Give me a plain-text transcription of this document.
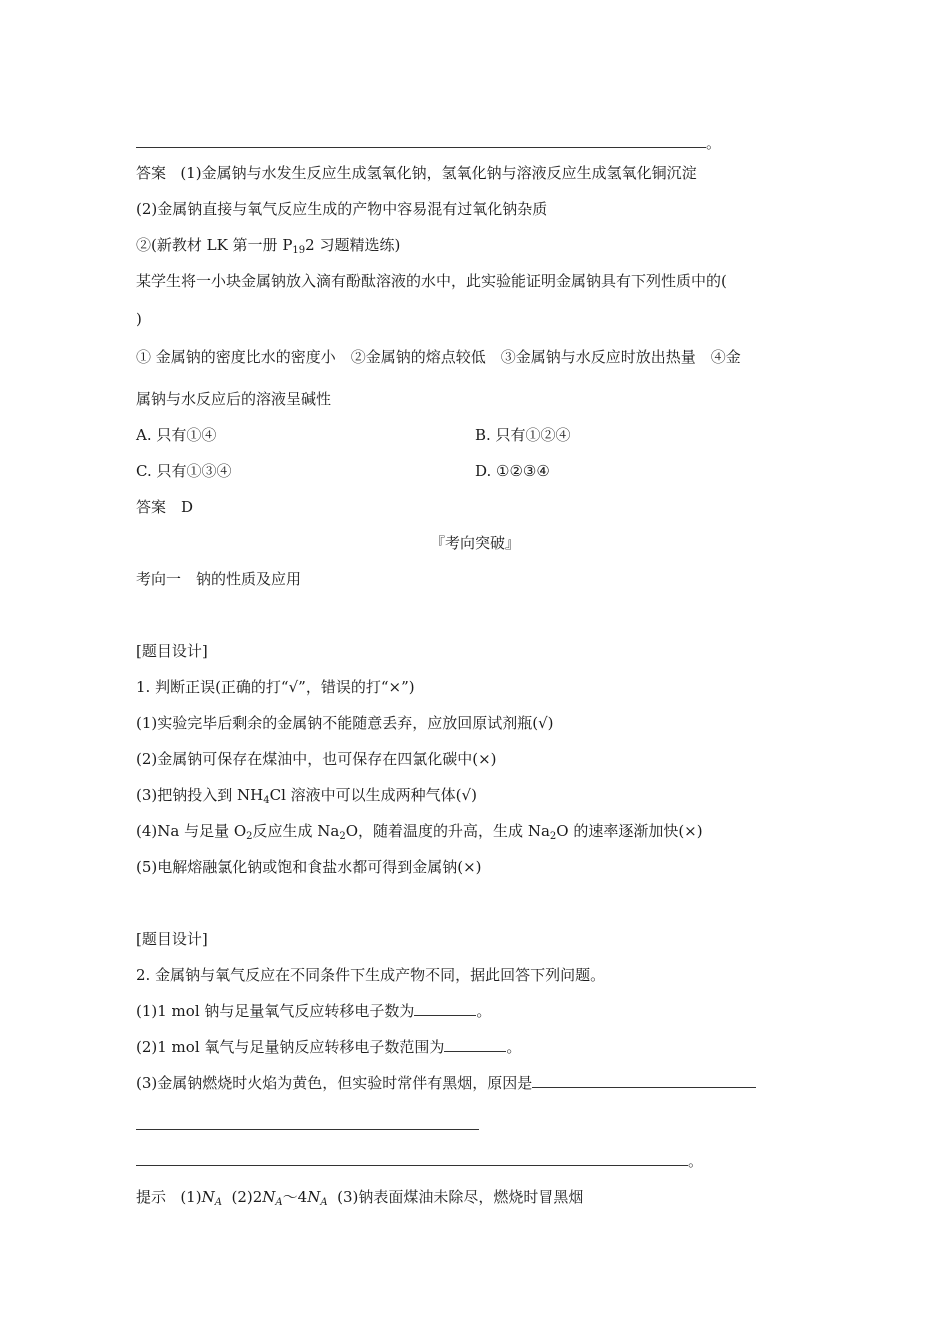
。
答案 (1)金属钠与水发生反应生成氢氧化钠，氢氧化钠与溶液反应生成氢氧化铜沉淀
(2)金属钠直接与氧气反应生成的产物中容易混有过氧化钠杂质
②(新教材 LK 第一册 $P_{19}2$ 习题精选练)
某学生将一小块金属钠放入滴有酚酞溶液的水中，此实验能证明金属钠具有下列性质中的(
)
① 金属钠的密度比水的密度小　②金属钠的熔点较低　③金属钠与水反应时放出热量　④金
属钠与水反应后的溶液呈碱性
A. 只有①④	B. 只有①②④
C. 只有①③④	D. ①②③④
答案　D
『考向突破』
考向一　钠的性质及应用
[题目设计]
1. 判断正误(正确的打“√”，错误的打“×”)
(1)实验完毕后剩余的金属钠不能随意丢弃，应放回原试剂瓶(√)
(2)金属钠可保存在煤油中，也可保存在四氯化碳中(×)
(3)把钠投入到 $NH_4Cl$ 溶液中可以生成两种气体(√)
(4)Na 与足量 $O_2$反应生成 $Na_2O$，随着温度的升高，生成 $Na_2O$ 的速率逐渐加快(×)
(5)电解熔融氯化钠或饱和食盐水都可得到金属钠(×)
[题目设计]
2. 金属钠与氧气反应在不同条件下生成产物不同，据此回答下列问题。
(1)1 mol 钠与足量氧气反应转移电子数为	。
(2)1 mol 氧气与足量钠反应转移电子数范围为	。
(3)金属钠燃烧时火焰为黄色，但实验时常伴有黑烟，原因是
。
提示 $(1)N_A$ $(2)2N_A\sim 4N_A$ (3)钠表面煤油未除尽，燃烧时冒黑烟
